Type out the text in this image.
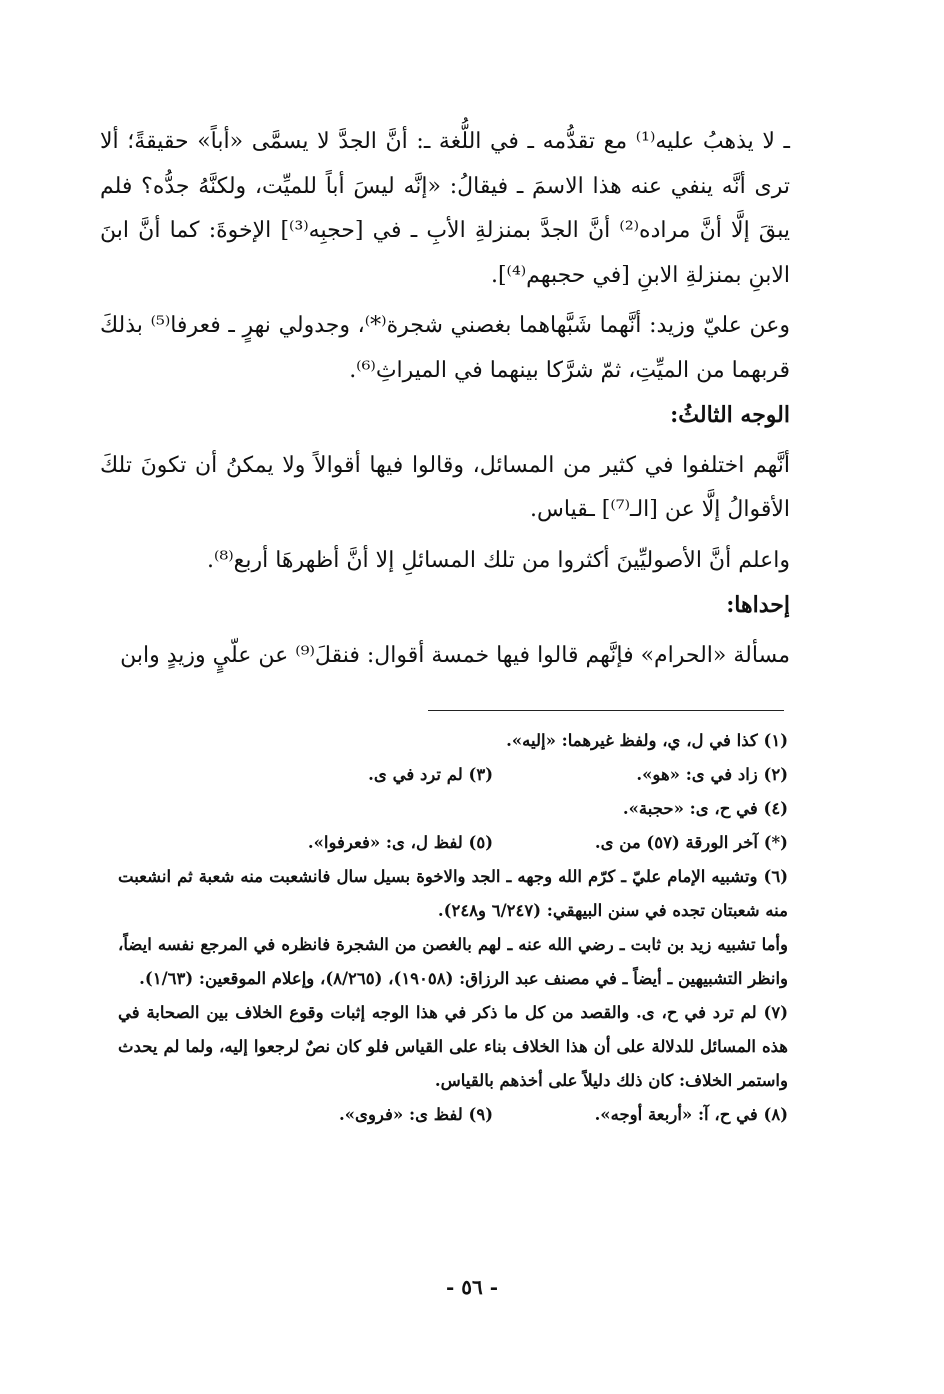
ـ لا يذهبُ عليه⁽¹⁾ مع تقدُّمه ـ في اللُّغة ـ: أنَّ الجدَّ لا يسمَّى «أباً» حقيقةً؛ ألا ترى أنَّه ينفي عنه هذا الاسمَ ـ فيقالُ: «إنَّه ليسَ أباً للميِّت، ولكنَّهُ جدُّه؟ فلم يبقَ إلَّا أنَّ مراده⁽²⁾ أنَّ الجدَّ بمنزلةِ الأبِ ـ في [حجبِه⁽³⁾] الإخوةَ: كما أنَّ ابنَ الابنِ بمنزلةِ الابنِ [في حجبهم⁽⁴⁾].

وعن عليّ وزيد: أنَّهما شَبَّهاهما بغصني شجرة⁽*⁾، وجدولي نهرٍ ـ فعرفا⁽⁵⁾ بذلكَ قربهما من الميِّتِ، ثمّ شرَّكا بينهما في الميراثِ⁽⁶⁾.

الوجه الثالثُ:

أنَّهم اختلفوا في كثير من المسائل، وقالوا فيها أقوالاً ولا يمكنُ أن تكونَ تلكَ الأقوالُ إلَّا عن [الـ⁽⁷⁾] ـقياس.

واعلم أنَّ الأصوليِّينَ أكثروا من تلك المسائلِ إلا أنَّ أظهرهَا أربع⁽⁸⁾.

إحداها:

مسألة «الحرام» فإنَّهم قالوا فيها خمسة أقوال: فنقلَ⁽⁹⁾ عن علّيٍ وزيدٍ وابن

(١) كذا في ل، ي، ولفظ غيرهما: «إليه».

(٢) زاد في ى: «هو».
(٣) لم ترد في ى.

(٤) في ح، ى: «حجبة».

(*) آخر الورقة (٥٧) من ى.
(٥) لفظ ل، ى: «فعرفوا».

(٦) وتشبيه الإمام عليّ ـ كرّم الله وجهه ـ الجد والاخوة بسيل سال فانشعبت منه شعبة ثم انشعبت منه شعبتان تجده في سنن البيهقي: (٦/٢٤٧ و٢٤٨).

وأما تشبيه زيد بن ثابت ـ رضي الله عنه ـ لهم بالغصن من الشجرة فانظره في المرجع نفسه ايضاً، وانظر التشبيهين ـ أيضاً ـ في مصنف عبد الرزاق: (١٩٠٥٨)، (٨/٢٦٥)، وإعلام الموقعين: (١/٦٣).

(٧) لم ترد في ح، ى. والقصد من كل ما ذكر في هذا الوجه إثبات وقوع الخلاف بين الصحابة في هذه المسائل للدلالة على أن هذا الخلاف بناء على القياس فلو كان نصٌ لرجعوا إليه، ولما لم يحدث واستمر الخلاف: كان ذلك دليلاً على أخذهم بالقياس.

(٨) في ح، آ: «أربعة أوجه».
(٩) لفظ ى: «فروى».
- ٥٦ -
